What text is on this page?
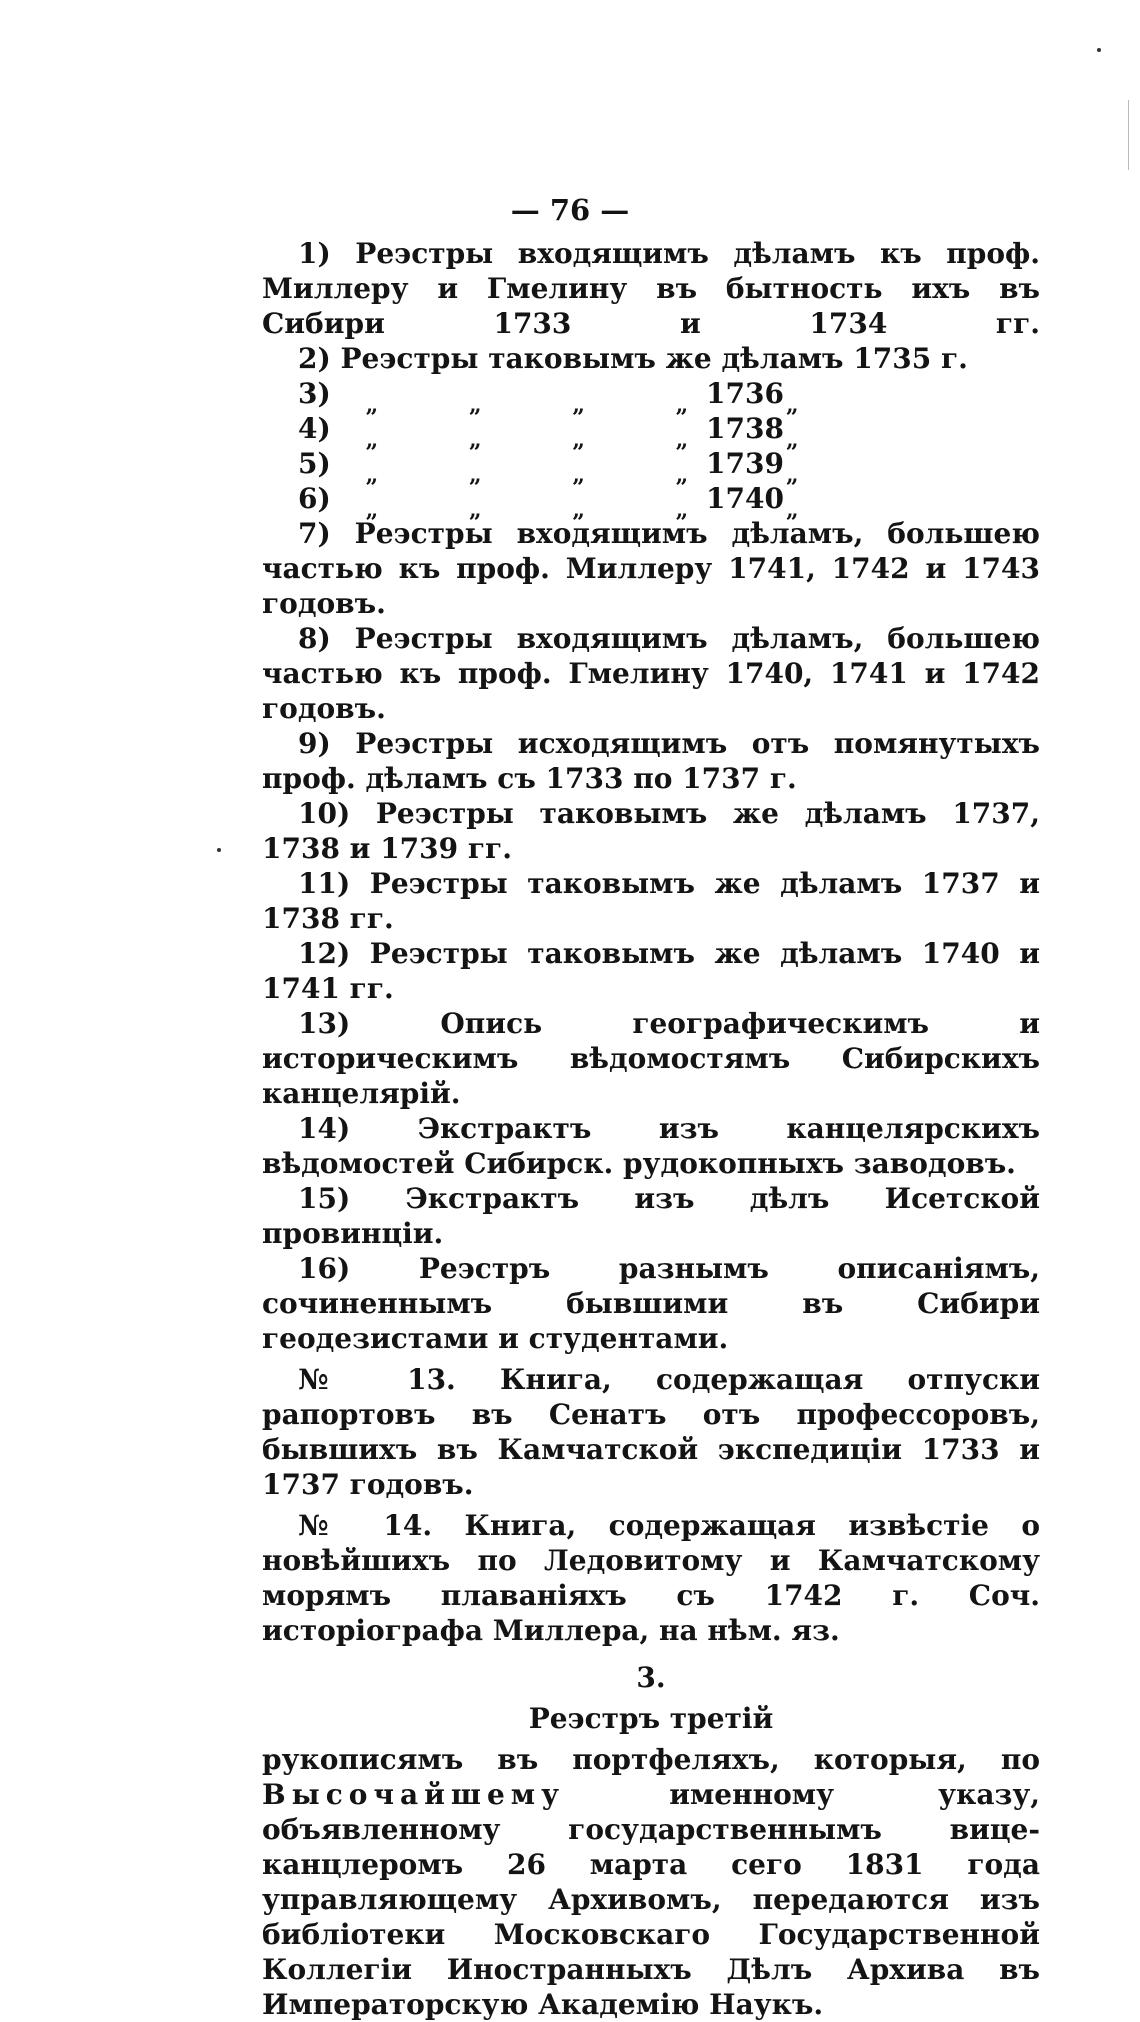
— 76 —

1) Реэстры входящимъ дѣламъ къ проф. Миллеру и Гмелину въ бытность ихъ въ Сибири 1733 и 1734 гг.

2) Реэстры таковымъ же дѣламъ 1735 г.

3)	„	„	„	„ 1736 „
4)	„	„	„	„ 1738 „
5)	„	„	„	„ 1739 „
6)	„	„	„	„ 1740 „

7) Реэстры входящимъ дѣламъ, большею частью къ проф. Миллеру 1741, 1742 и 1743 годовъ.

8) Реэстры входящимъ дѣламъ, большею частью къ проф. Гмелину 1740, 1741 и 1742 годовъ.

9) Реэстры исходящимъ отъ помянутыхъ проф. дѣламъ съ 1733 по 1737 г.

10) Реэстры таковымъ же дѣламъ 1737, 1738 и 1739 гг.

11) Реэстры таковымъ же дѣламъ 1737 и 1738 гг.

12) Реэстры таковымъ же дѣламъ 1740 и 1741 гг.

13) Опись географическимъ и историческимъ вѣдомостямъ Сибирскихъ канцелярій.

14) Экстрактъ изъ канцелярскихъ вѣдомостей Сибирск. рудокопныхъ заводовъ.

15) Экстрактъ изъ дѣлъ Исетской провинціи.

16) Реэстръ разнымъ описаніямъ, сочиненнымъ бывшими въ Сибири геодезистами и студентами.

№ 13. Книга, содержащая отпуски рапортовъ въ Сенатъ отъ профессоровъ, бывшихъ въ Камчатской экспедиціи 1733 и 1737 годовъ.

№ 14. Книга, содержащая извѣстіе о новѣйшихъ по Ледовитому и Камчатскому морямъ плаваніяхъ съ 1742 г. Соч. исторіографа Миллера, на нѣм. яз.

3.

Реэстръ третій

рукописямъ въ портфеляхъ, которыя, по Высочайшему	именному указу, объявленному государственнымъ вице-канцлеромъ 26 марта сего 1831 года управляющему Архивомъ, передаются изъ библіотеки Московскаго Государственной Коллегіи Иностранныхъ Дѣлъ Архива въ Императорскую Академію Наукъ.
